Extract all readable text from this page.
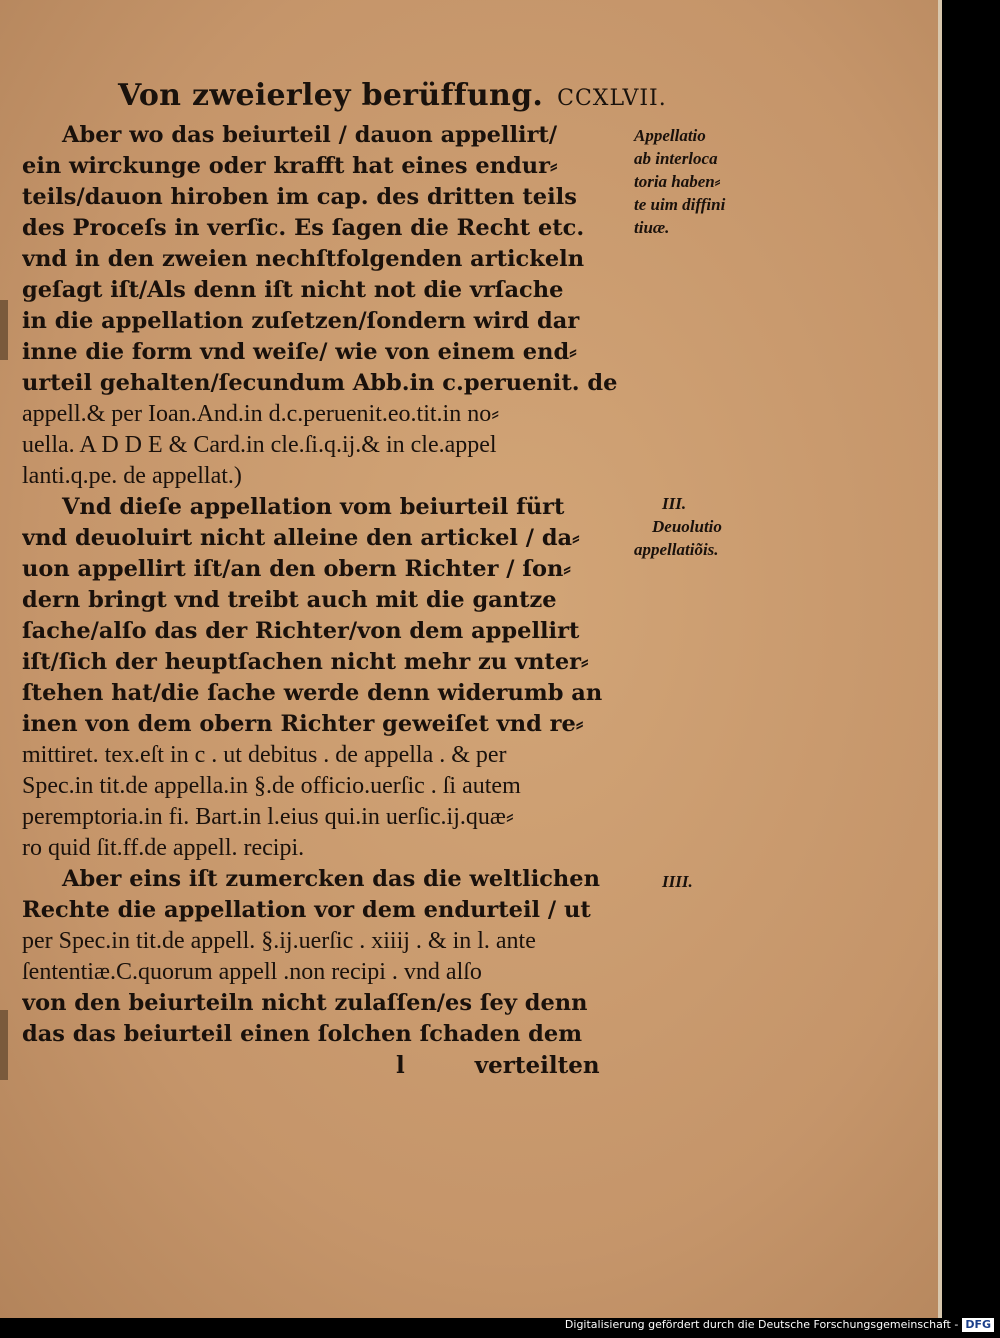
Von zweierley berüffung. CCXLVII.
Aber wo das beiurteil / dauon appellirt/
ein wirckunge oder krafft hat eines endur⸗
teils/dauon hiroben im cap. des dritten teils
des Proceſs in verſic. Es ſagen die Recht etc.
vnd in den zweien nechſtfolgenden artickeln
geſagt iſt/Als denn iſt nicht not die vrſache
in die appellation zuſetzen/ſondern wird dar
inne die form vnd weiſe/ wie von einem end⸗
urteil gehalten/ſecundum Abb.in c.peruenit. de
appell.& per Ioan.And.in d.c.peruenit.eo.tit.in no⸗
uella. A D D E & Card.in cle.ſi.q.ij.& in cle.appel
lanti.q.pe. de appellat.)
Vnd dieſe appellation vom beiurteil fürt
vnd deuoluirt nicht alleine den artickel / da⸗
uon appellirt iſt/an den obern Richter / ſon⸗
dern bringt vnd treibt auch mit die gantze
ſache/alſo das der Richter/von dem appellirt
iſt/ſich der heuptſachen nicht mehr zu vnter⸗
ſtehen hat/die ſache werde denn widerumb an
inen von dem obern Richter geweiſet vnd re⸗
mittiret. tex.eſt in c . ut debitus . de appella . & per
Spec.in tit.de appella.in §.de officio.uerſic . ſi autem
peremptoria.in fi. Bart.in l.eius qui.in uerſic.ij.quæ⸗
ro quid ſit.ff.de appell. recipi.
Aber eins iſt zumercken das die weltlichen
Rechte die appellation vor dem endurteil / ut
per Spec.in tit.de appell. §.ij.uerſic . xiiij . & in l. ante
ſententiæ.C.quorum appell .non recipi . vnd alſo
von den beiurteiln nicht zulaſſen/es ſey denn
das das beiurteil einen ſolchen ſchaden dem
l	verteilten
Appellatio
ab interloca
toria haben⸗
te uim diffini
tiuæ.
III.
Deuolutio
appellatiõis.
IIII.
Digitalisierung gefördert durch die Deutsche Forschungsgemeinschaft - DFG
